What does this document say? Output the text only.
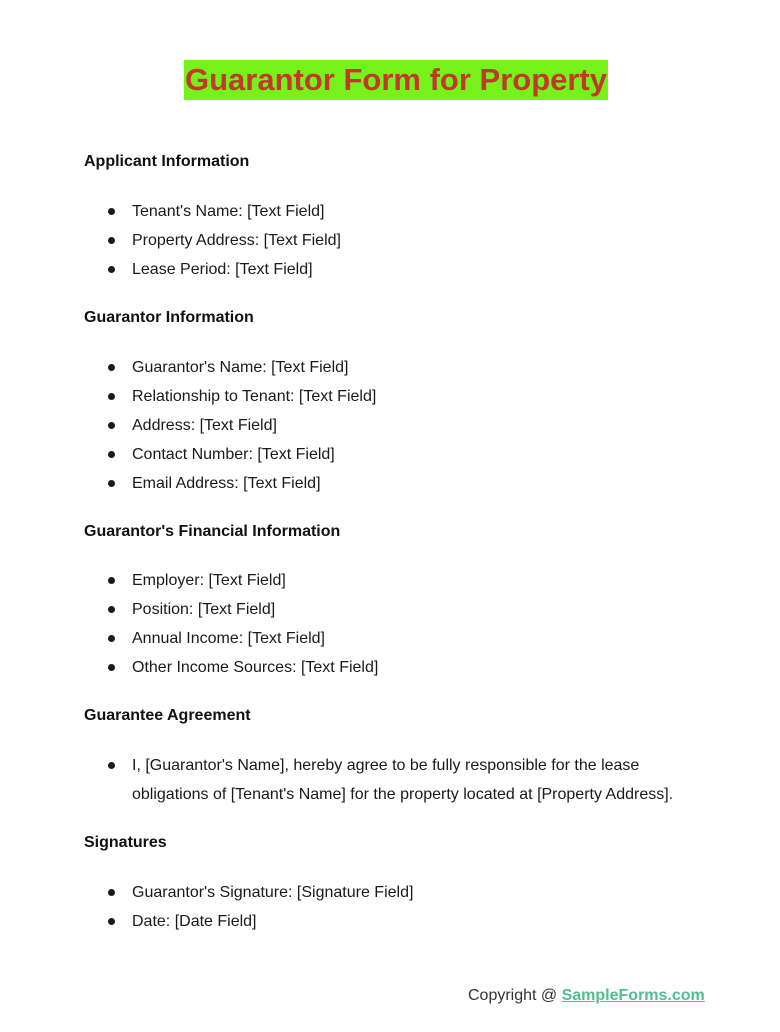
Guarantor Form for Property
Applicant Information
Tenant's Name: [Text Field]
Property Address: [Text Field]
Lease Period: [Text Field]
Guarantor Information
Guarantor's Name: [Text Field]
Relationship to Tenant: [Text Field]
Address: [Text Field]
Contact Number: [Text Field]
Email Address: [Text Field]
Guarantor's Financial Information
Employer: [Text Field]
Position: [Text Field]
Annual Income: [Text Field]
Other Income Sources: [Text Field]
Guarantee Agreement
I, [Guarantor's Name], hereby agree to be fully responsible for the lease obligations of [Tenant's Name] for the property located at [Property Address].
Signatures
Guarantor's Signature: [Signature Field]
Date: [Date Field]
Copyright @ SampleForms.com
